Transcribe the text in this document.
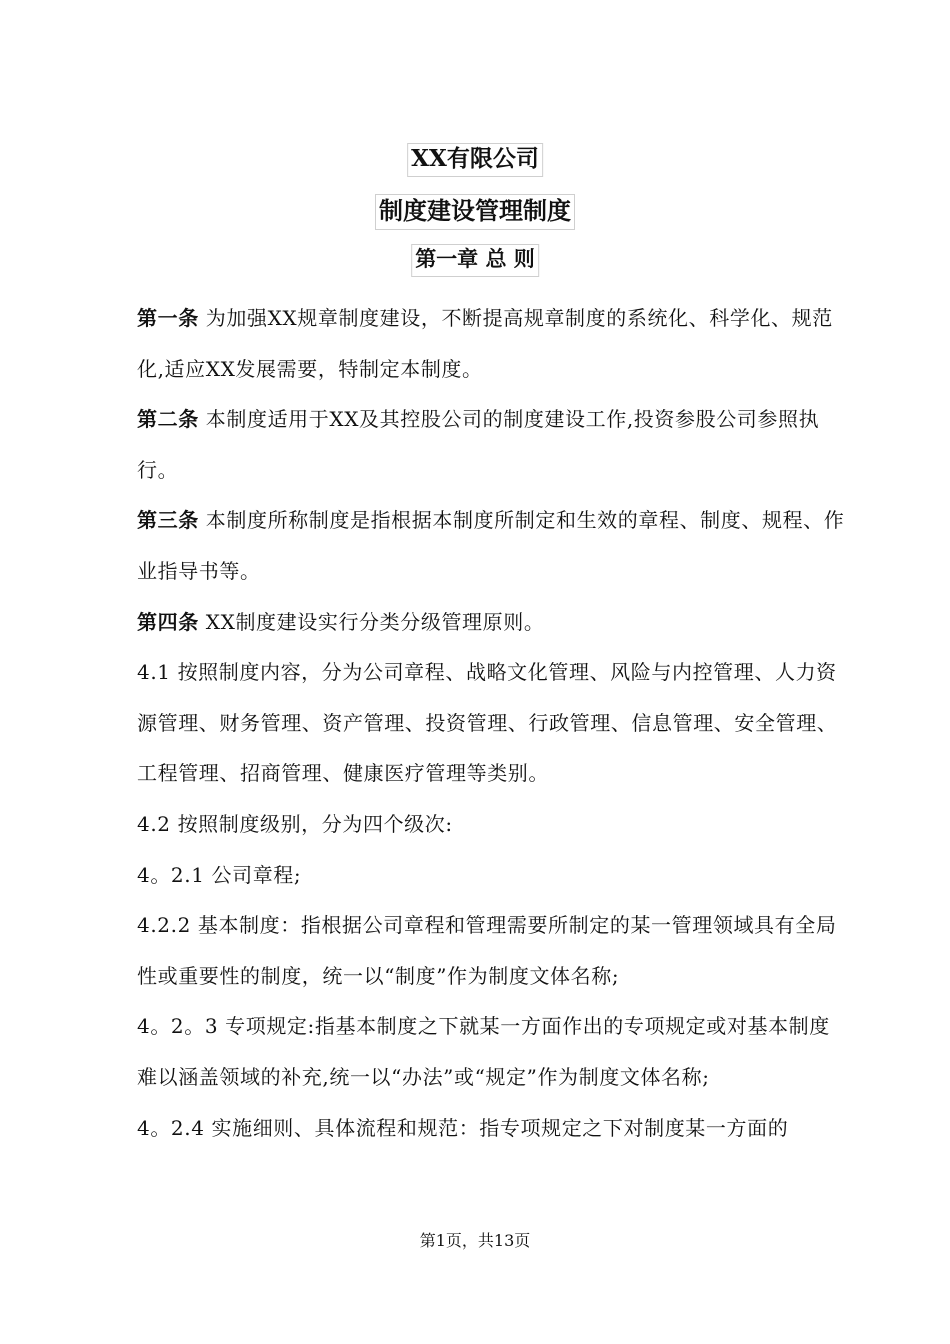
XX有限公司
制度建设管理制度
第一章 总 则

第一条 为加强XX规章制度建设，不断提高规章制度的系统化、科学化、规范化,适应XX发展需要，特制定本制度。

第二条 本制度适用于XX及其控股公司的制度建设工作,投资参股公司参照执行。

第三条 本制度所称制度是指根据本制度所制定和生效的章程、制度、规程、作业指导书等。

第四条 XX制度建设实行分类分级管理原则。

4.1 按照制度内容，分为公司章程、战略文化管理、风险与内控管理、人力资源管理、财务管理、资产管理、投资管理、行政管理、信息管理、安全管理、工程管理、招商管理、健康医疗管理等类别。

4.2 按照制度级别，分为四个级次:

4。2.1 公司章程;

4.2.2 基本制度：指根据公司章程和管理需要所制定的某一管理领域具有全局性或重要性的制度，统一以“制度”作为制度文体名称;

4。2。3 专项规定:指基本制度之下就某一方面作出的专项规定或对基本制度难以涵盖领域的补充,统一以“办法”或“规定”作为制度文体名称;

4。2.4 实施细则、具体流程和规范：指专项规定之下对制度某一方面的

第1页，共13页
